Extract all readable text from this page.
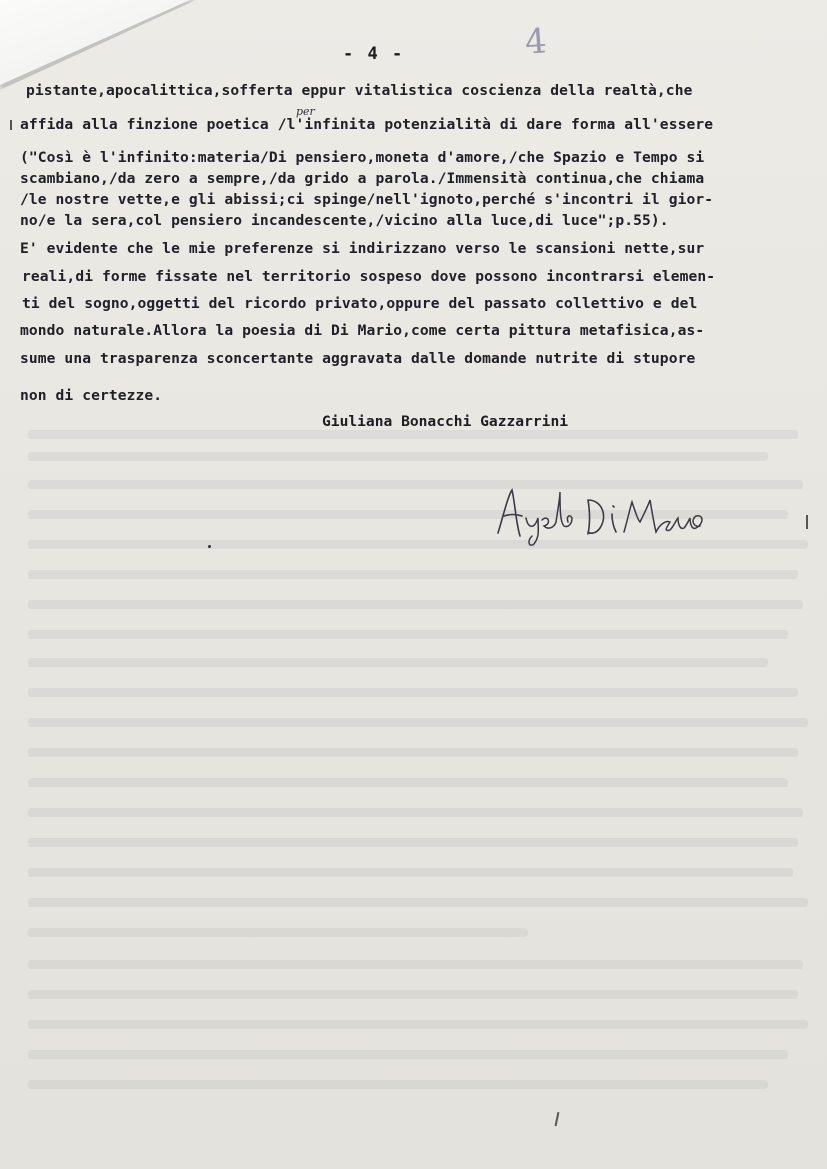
- 4 -	4
per
pistante,apocalittica,sofferta eppur vitalistica coscienza della realtà,che
affida alla finzione poetica /l'infinita potenzialità di dare forma all'essere
("Così è l'infinito:materia/Di pensiero,moneta d'amore,/che Spazio e Tempo si
scambiano,/da zero a sempre,/da grido a parola./Immensità continua,che chiama
/le nostre vette,e gli abissi;ci spinge/nell'ignoto,perché s'incontri il gior-
no/e la sera,col pensiero incandescente,/vicino alla luce,di luce";p.55).
E' evidente che le mie preferenze si indirizzano verso le scansioni nette,sur
reali,di forme fissate nel territorio sospeso dove possono incontrarsi elemen-
ti del sogno,oggetti del ricordo privato,oppure del passato collettivo e del
mondo naturale.Allora la poesia di Di Mario,come certa pittura metafisica,as-
sume una trasparenza sconcertante aggravata dalle domande nutrite di stupore
non di certezze.
Giuliana Bonacchi Gazzarrini
